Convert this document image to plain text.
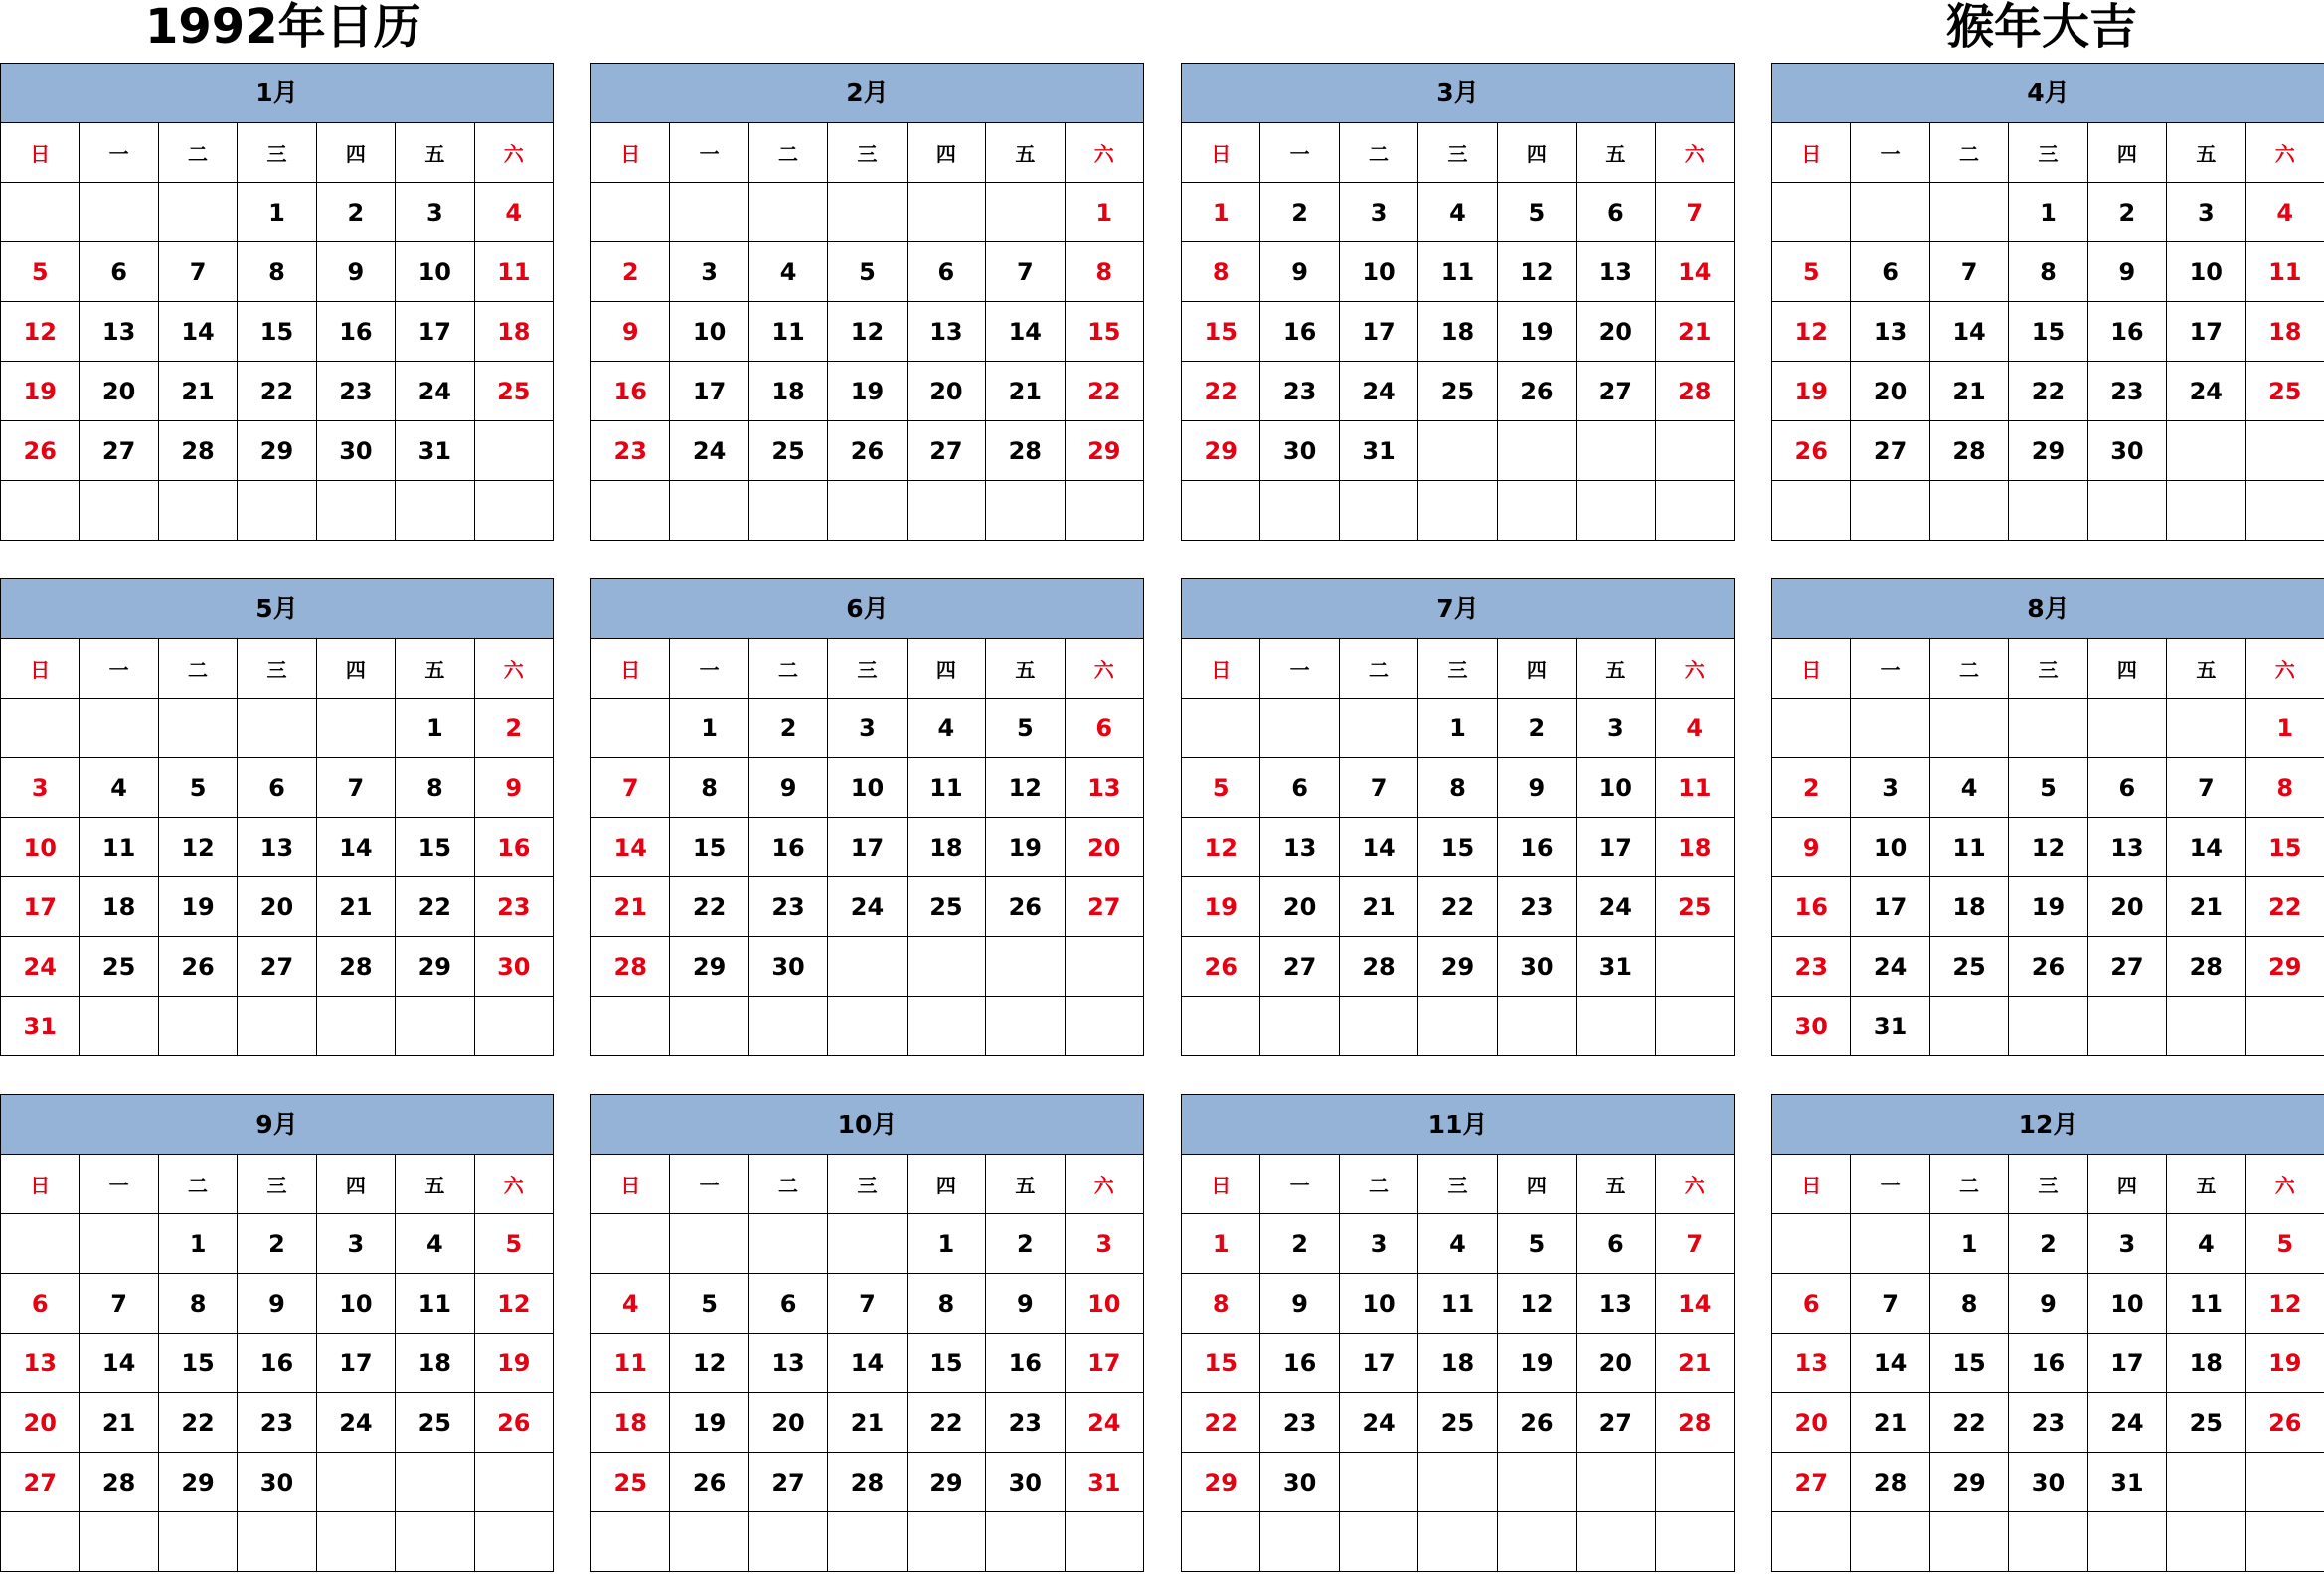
1992年日历	猴年大吉
1月
日	一	二	三	四	五	六
			1	2	3	4
5	6	7	8	9	10	11
12	13	14	15	16	17	18
19	20	21	22	23	24	25
26	27	28	29	30	31	

2月
日	一	二	三	四	五	六
						1
2	3	4	5	6	7	8
9	10	11	12	13	14	15
16	17	18	19	20	21	22
23	24	25	26	27	28	29

3月
日	一	二	三	四	五	六
1	2	3	4	5	6	7
8	9	10	11	12	13	14
15	16	17	18	19	20	21
22	23	24	25	26	27	28
29	30	31				

4月
日	一	二	三	四	五	六
			1	2	3	4
5	6	7	8	9	10	11
12	13	14	15	16	17	18
19	20	21	22	23	24	25
26	27	28	29	30		

5月
日	一	二	三	四	五	六
					1	2
3	4	5	6	7	8	9
10	11	12	13	14	15	16
17	18	19	20	21	22	23
24	25	26	27	28	29	30
31						
6月
日	一	二	三	四	五	六
	1	2	3	4	5	6
7	8	9	10	11	12	13
14	15	16	17	18	19	20
21	22	23	24	25	26	27
28	29	30				

7月
日	一	二	三	四	五	六
			1	2	3	4
5	6	7	8	9	10	11
12	13	14	15	16	17	18
19	20	21	22	23	24	25
26	27	28	29	30	31	

8月
日	一	二	三	四	五	六
						1
2	3	4	5	6	7	8
9	10	11	12	13	14	15
16	17	18	19	20	21	22
23	24	25	26	27	28	29
30	31					
9月
日	一	二	三	四	五	六
		1	2	3	4	5
6	7	8	9	10	11	12
13	14	15	16	17	18	19
20	21	22	23	24	25	26
27	28	29	30			

10月
日	一	二	三	四	五	六
				1	2	3
4	5	6	7	8	9	10
11	12	13	14	15	16	17
18	19	20	21	22	23	24
25	26	27	28	29	30	31

11月
日	一	二	三	四	五	六
1	2	3	4	5	6	7
8	9	10	11	12	13	14
15	16	17	18	19	20	21
22	23	24	25	26	27	28
29	30					

12月
日	一	二	三	四	五	六
		1	2	3	4	5
6	7	8	9	10	11	12
13	14	15	16	17	18	19
20	21	22	23	24	25	26
27	28	29	30	31		
